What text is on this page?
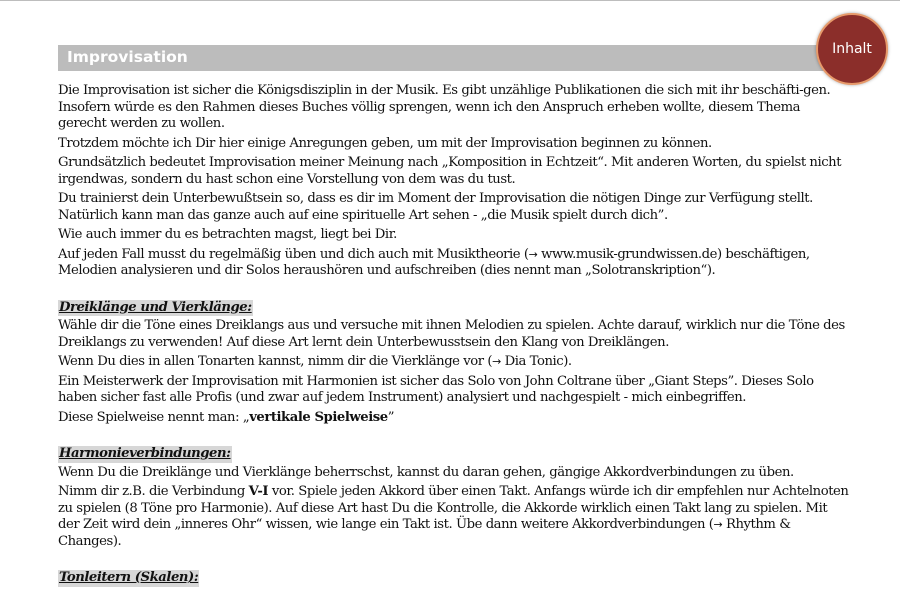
Improvisation	Inhalt

Die Improvisation ist sicher die Königsdisziplin in der Musik. Es gibt unzählige Publikationen die sich mit ihr beschäfti-gen. Insofern würde es den Rahmen dieses Buches völlig sprengen, wenn ich den Anspruch erheben wollte, diesem Thema gerecht werden zu wollen.

Trotzdem möchte ich Dir hier einige Anregungen geben, um mit der Improvisation beginnen zu können.

Grundsätzlich bedeutet Improvisation meiner Meinung nach „Komposition in Echtzeit“. Mit anderen Worten, du spielst nicht irgendwas, sondern du hast schon eine Vorstellung von dem was du tust.

Du trainierst dein Unterbewußtsein so, dass es dir im Moment der Improvisation die nötigen Dinge zur Verfügung stellt. Natürlich kann man das ganze auch auf eine spirituelle Art sehen - „die Musik spielt durch dich”.

Wie auch immer du es betrachten magst, liegt bei Dir.

Auf jeden Fall musst du regelmäßig üben und dich auch mit Musiktheorie (→ www.musik-grundwissen.de) beschäftigen, Melodien analysieren und dir Solos heraushören und aufschreiben (dies nennt man „Solotranskription“).

Dreiklänge und Vierklänge:

Wähle dir die Töne eines Dreiklangs aus und versuche mit ihnen Melodien zu spielen. Achte darauf, wirklich nur die Töne des Dreiklangs zu verwenden! Auf diese Art lernt dein Unterbewusstsein den Klang von Dreiklängen.

Wenn Du dies in allen Tonarten kannst, nimm dir die Vierklänge vor (→ Dia Tonic).

Ein Meisterwerk der Improvisation mit Harmonien ist sicher das Solo von John Coltrane über „Giant Steps”. Dieses Solo haben sicher fast alle Profis (und zwar auf jedem Instrument) analysiert und nachgespielt - mich einbegriffen.

Diese Spielweise nennt man: „vertikale Spielweise”

Harmonieverbindungen:

Wenn Du die Dreiklänge und Vierklänge beherrschst, kannst du daran gehen, gängige Akkordverbindungen zu üben.

Nimm dir z.B. die Verbindung V-I vor. Spiele jeden Akkord über einen Takt. Anfangs würde ich dir empfehlen nur Achtelnoten zu spielen (8 Töne pro Harmonie). Auf diese Art hast Du die Kontrolle, die Akkorde wirklich einen Takt lang zu spielen. Mit der Zeit wird dein „inneres Ohr“ wissen, wie lange ein Takt ist. Übe dann weitere Akkordverbindungen (→ Rhythm & Changes).

Tonleitern (Skalen):
